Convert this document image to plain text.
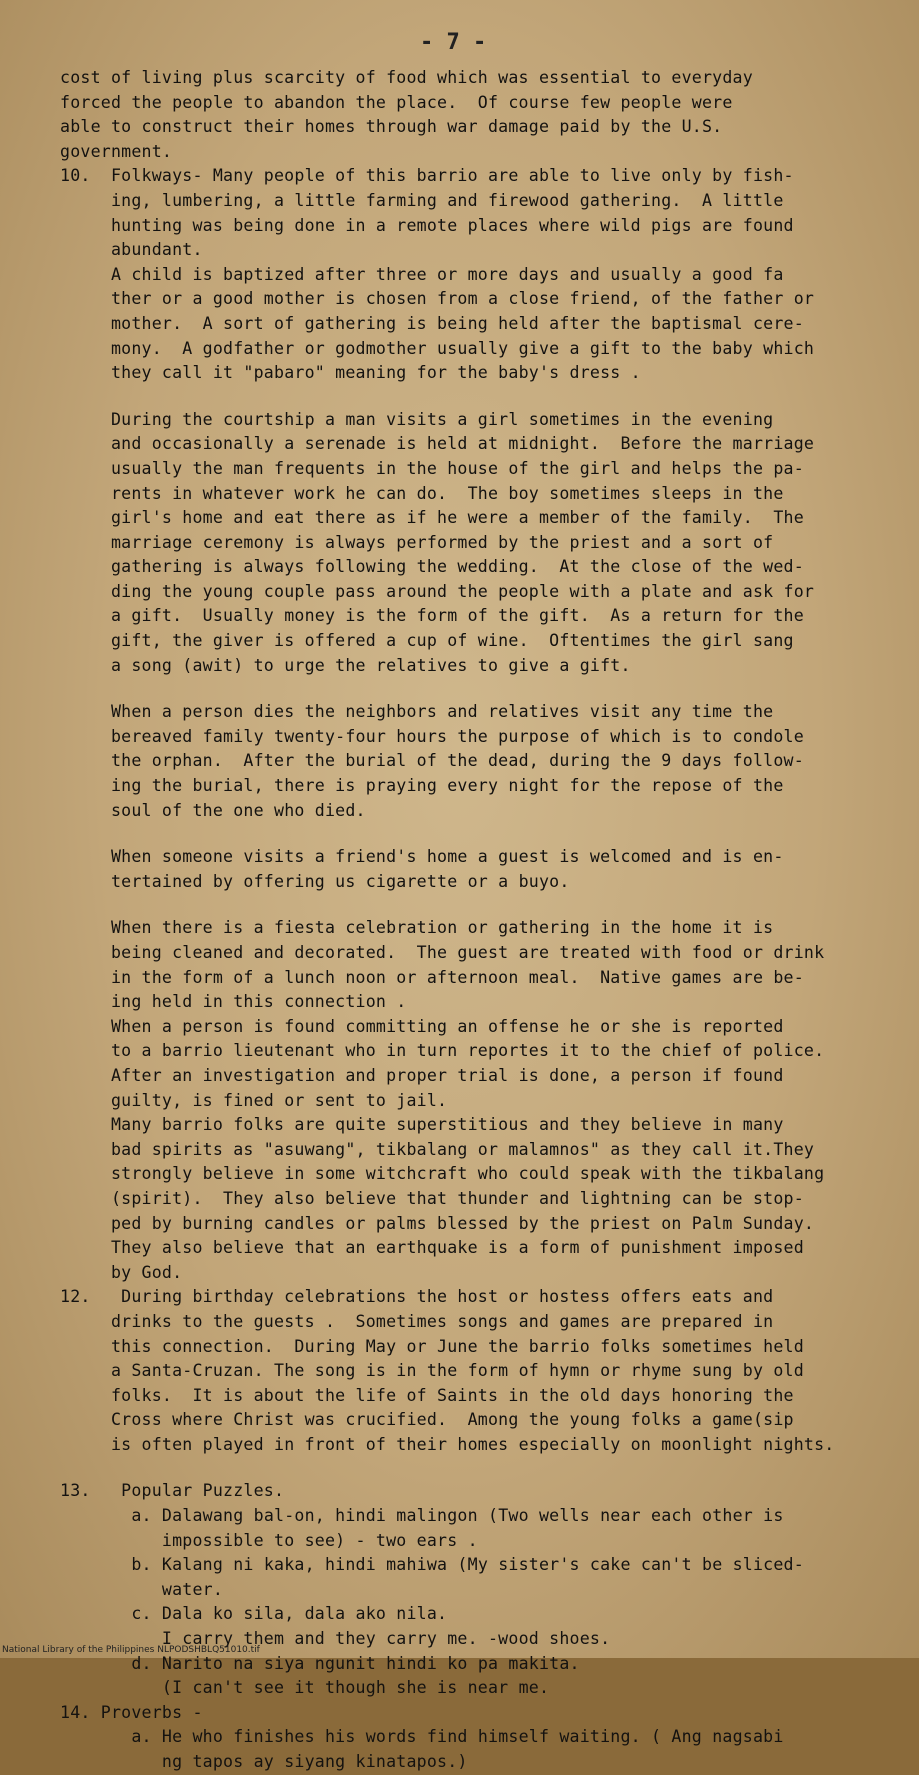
- 7 -

cost of living plus scarcity of food which was essential to everyday
forced the people to abandon the place.  Of course few people were
able to construct their homes through war damage paid by the U.S.
government.

10.  Folkways- Many people of this barrio are able to live only by fish-
ing, lumbering, a little farming and firewood gathering.  A little
hunting was being done in a remote places where wild pigs are found
abundant.

A child is baptized after three or more days and usually a good fa
ther or a good mother is chosen from a close friend, of the father or
mother.  A sort of gathering is being held after the baptismal cere-
mony.  A godfather or godmother usually give a gift to the baby which
they call it "pabaro" meaning for the baby's dress .

During the courtship a man visits a girl sometimes in the evening
and occasionally a serenade is held at midnight.  Before the marriage
usually the man frequents in the house of the girl and helps the pa-
rents in whatever work he can do.  The boy sometimes sleeps in the
girl's home and eat there as if he were a member of the family.  The
marriage ceremony is always performed by the priest and a sort of
gathering is always following the wedding.  At the close of the wed-
ding the young couple pass around the people with a plate and ask for
a gift.  Usually money is the form of the gift.  As a return for the
gift, the giver is offered a cup of wine.  Oftentimes the girl sang
a song (awit) to urge the relatives to give a gift.

When a person dies the neighbors and relatives visit any time the
bereaved family twenty-four hours the purpose of which is to condole
the orphan.  After the burial of the dead, during the 9 days follow-
ing the burial, there is praying every night for the repose of the
soul of the one who died.

When someone visits a friend's home a guest is welcomed and is en-
tertained by offering us cigarette or a buyo.

When there is a fiesta celebration or gathering in the home it is
being cleaned and decorated.  The guest are treated with food or drink
in the form of a lunch noon or afternoon meal.  Native games are be-
ing held in this connection .

When a person is found committing an offense he or she is reported
to a barrio lieutenant who in turn reportes it to the chief of police.
After an investigation and proper trial is done, a person if found
guilty, is fined or sent to jail.

Many barrio folks are quite superstitious and they believe in many
bad spirits as "asuwang", tikbalang or malamnos" as they call it.They
strongly believe in some witchcraft who could speak with the tikbalang
(spirit).  They also believe that thunder and lightning can be stop-
ped by burning candles or palms blessed by the priest on Palm Sunday.
They also believe that an earthquake is a form of punishment imposed
by God.

12.   During birthday celebrations the host or hostess offers eats and
drinks to the guests .  Sometimes songs and games are prepared in
this connection.  During May or June the barrio folks sometimes held
a Santa-Cruzan. The song is in the form of hymn or rhyme sung by old
folks.  It is about the life of Saints in the old days honoring the
Cross where Christ was crucified.  Among the young folks a game(sip
is often played in front of their homes especially on moonlight nights.

13.   Popular Puzzles.

a. Dalawang bal-on, hindi malingon (Two wells near each other is
impossible to see) - two ears .

b. Kalang ni kaka, hindi mahiwa (My sister's cake can't be sliced-
water.

c. Dala ko sila, dala ako nila.
I carry them and they carry me. -wood shoes.

d. Narito na siya ngunit hindi ko pa makita.
(I can't see it though she is near me.

14. Proverbs -

a. He who finishes his words find himself waiting. ( Ang nagsabi
ng tapos ay siyang kinatapos.)

National Library of the Philippines NLPODSHBLQ51010.tif
